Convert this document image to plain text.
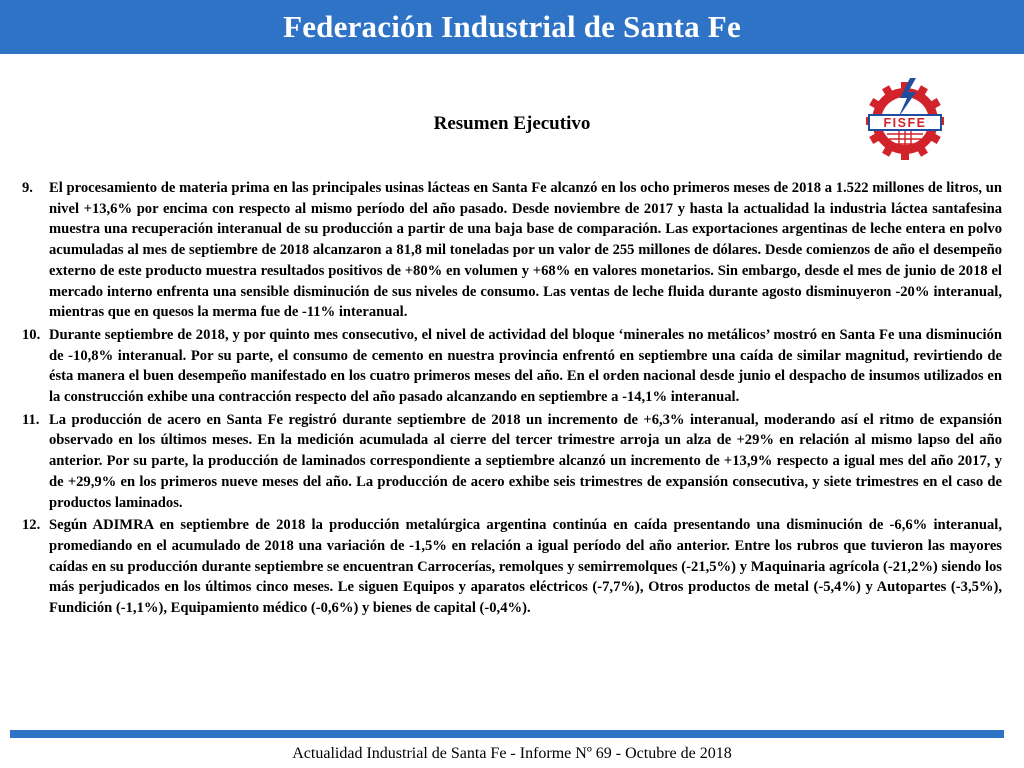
Federación Industrial de Santa Fe
FISFE
Resumen Ejecutivo
9.	El procesamiento de materia prima en las principales usinas lácteas en Santa Fe alcanzó en los ocho primeros meses de 2018 a 1.522 millones de litros, un nivel +13,6% por encima con respecto al mismo período del año pasado. Desde noviembre de 2017 y hasta la actualidad la industria láctea santafesina muestra una recuperación interanual de su producción a partir de una baja base de comparación. Las exportaciones argentinas de leche entera en polvo acumuladas al mes de septiembre de 2018 alcanzaron a 81,8 mil toneladas por un valor de 255 millones de dólares. Desde comienzos de año el desempeño externo de este producto muestra resultados positivos de +80% en volumen y +68% en valores monetarios. Sin embargo, desde el mes de junio de 2018 el mercado interno enfrenta una sensible disminución de sus niveles de consumo. Las ventas de leche fluida durante agosto disminuyeron -20% interanual, mientras que en quesos la merma fue de -11% interanual.
10. Durante septiembre de 2018, y por quinto mes consecutivo, el nivel de actividad del bloque ‘minerales no metálicos’ mostró en Santa Fe una disminución de -10,8% interanual. Por su parte, el consumo de cemento en nuestra provincia enfrentó en septiembre una caída de similar magnitud, revirtiendo de ésta manera el buen desempeño manifestado en los cuatro primeros meses del año. En el orden nacional desde junio el despacho de insumos utilizados en la construcción exhibe una contracción respecto del año pasado alcanzando en septiembre a -14,1% interanual.
11. La producción de acero en Santa Fe registró durante septiembre de 2018 un incremento de +6,3% interanual, moderando así el ritmo de expansión observado en los últimos meses. En la medición acumulada al cierre del tercer trimestre arroja un alza de +29% en relación al mismo lapso del año anterior. Por su parte, la producción de laminados correspondiente a septiembre alcanzó un incremento de +13,9% respecto a igual mes del año 2017, y de +29,9% en los primeros nueve meses del año. La producción de acero exhibe seis trimestres de expansión consecutiva, y siete trimestres en el caso de productos laminados.
12. Según ADIMRA en septiembre de 2018 la producción metalúrgica argentina continúa en caída presentando una disminución de -6,6% interanual, promediando en el acumulado de 2018 una variación de -1,5% en relación a igual período del año anterior. Entre los rubros que tuvieron las mayores caídas en su producción durante septiembre se encuentran Carrocerías, remolques y semirremolques (-21,5%) y Maquinaria agrícola (-21,2%) siendo los más perjudicados en los últimos cinco meses. Le siguen Equipos y aparatos eléctricos (-7,7%), Otros productos de metal (-5,4%) y Autopartes (-3,5%), Fundición (-1,1%), Equipamiento médico (-0,6%) y bienes de capital (-0,4%).
Actualidad Industrial de Santa Fe - Informe Nº 69 - Octubre de 2018
